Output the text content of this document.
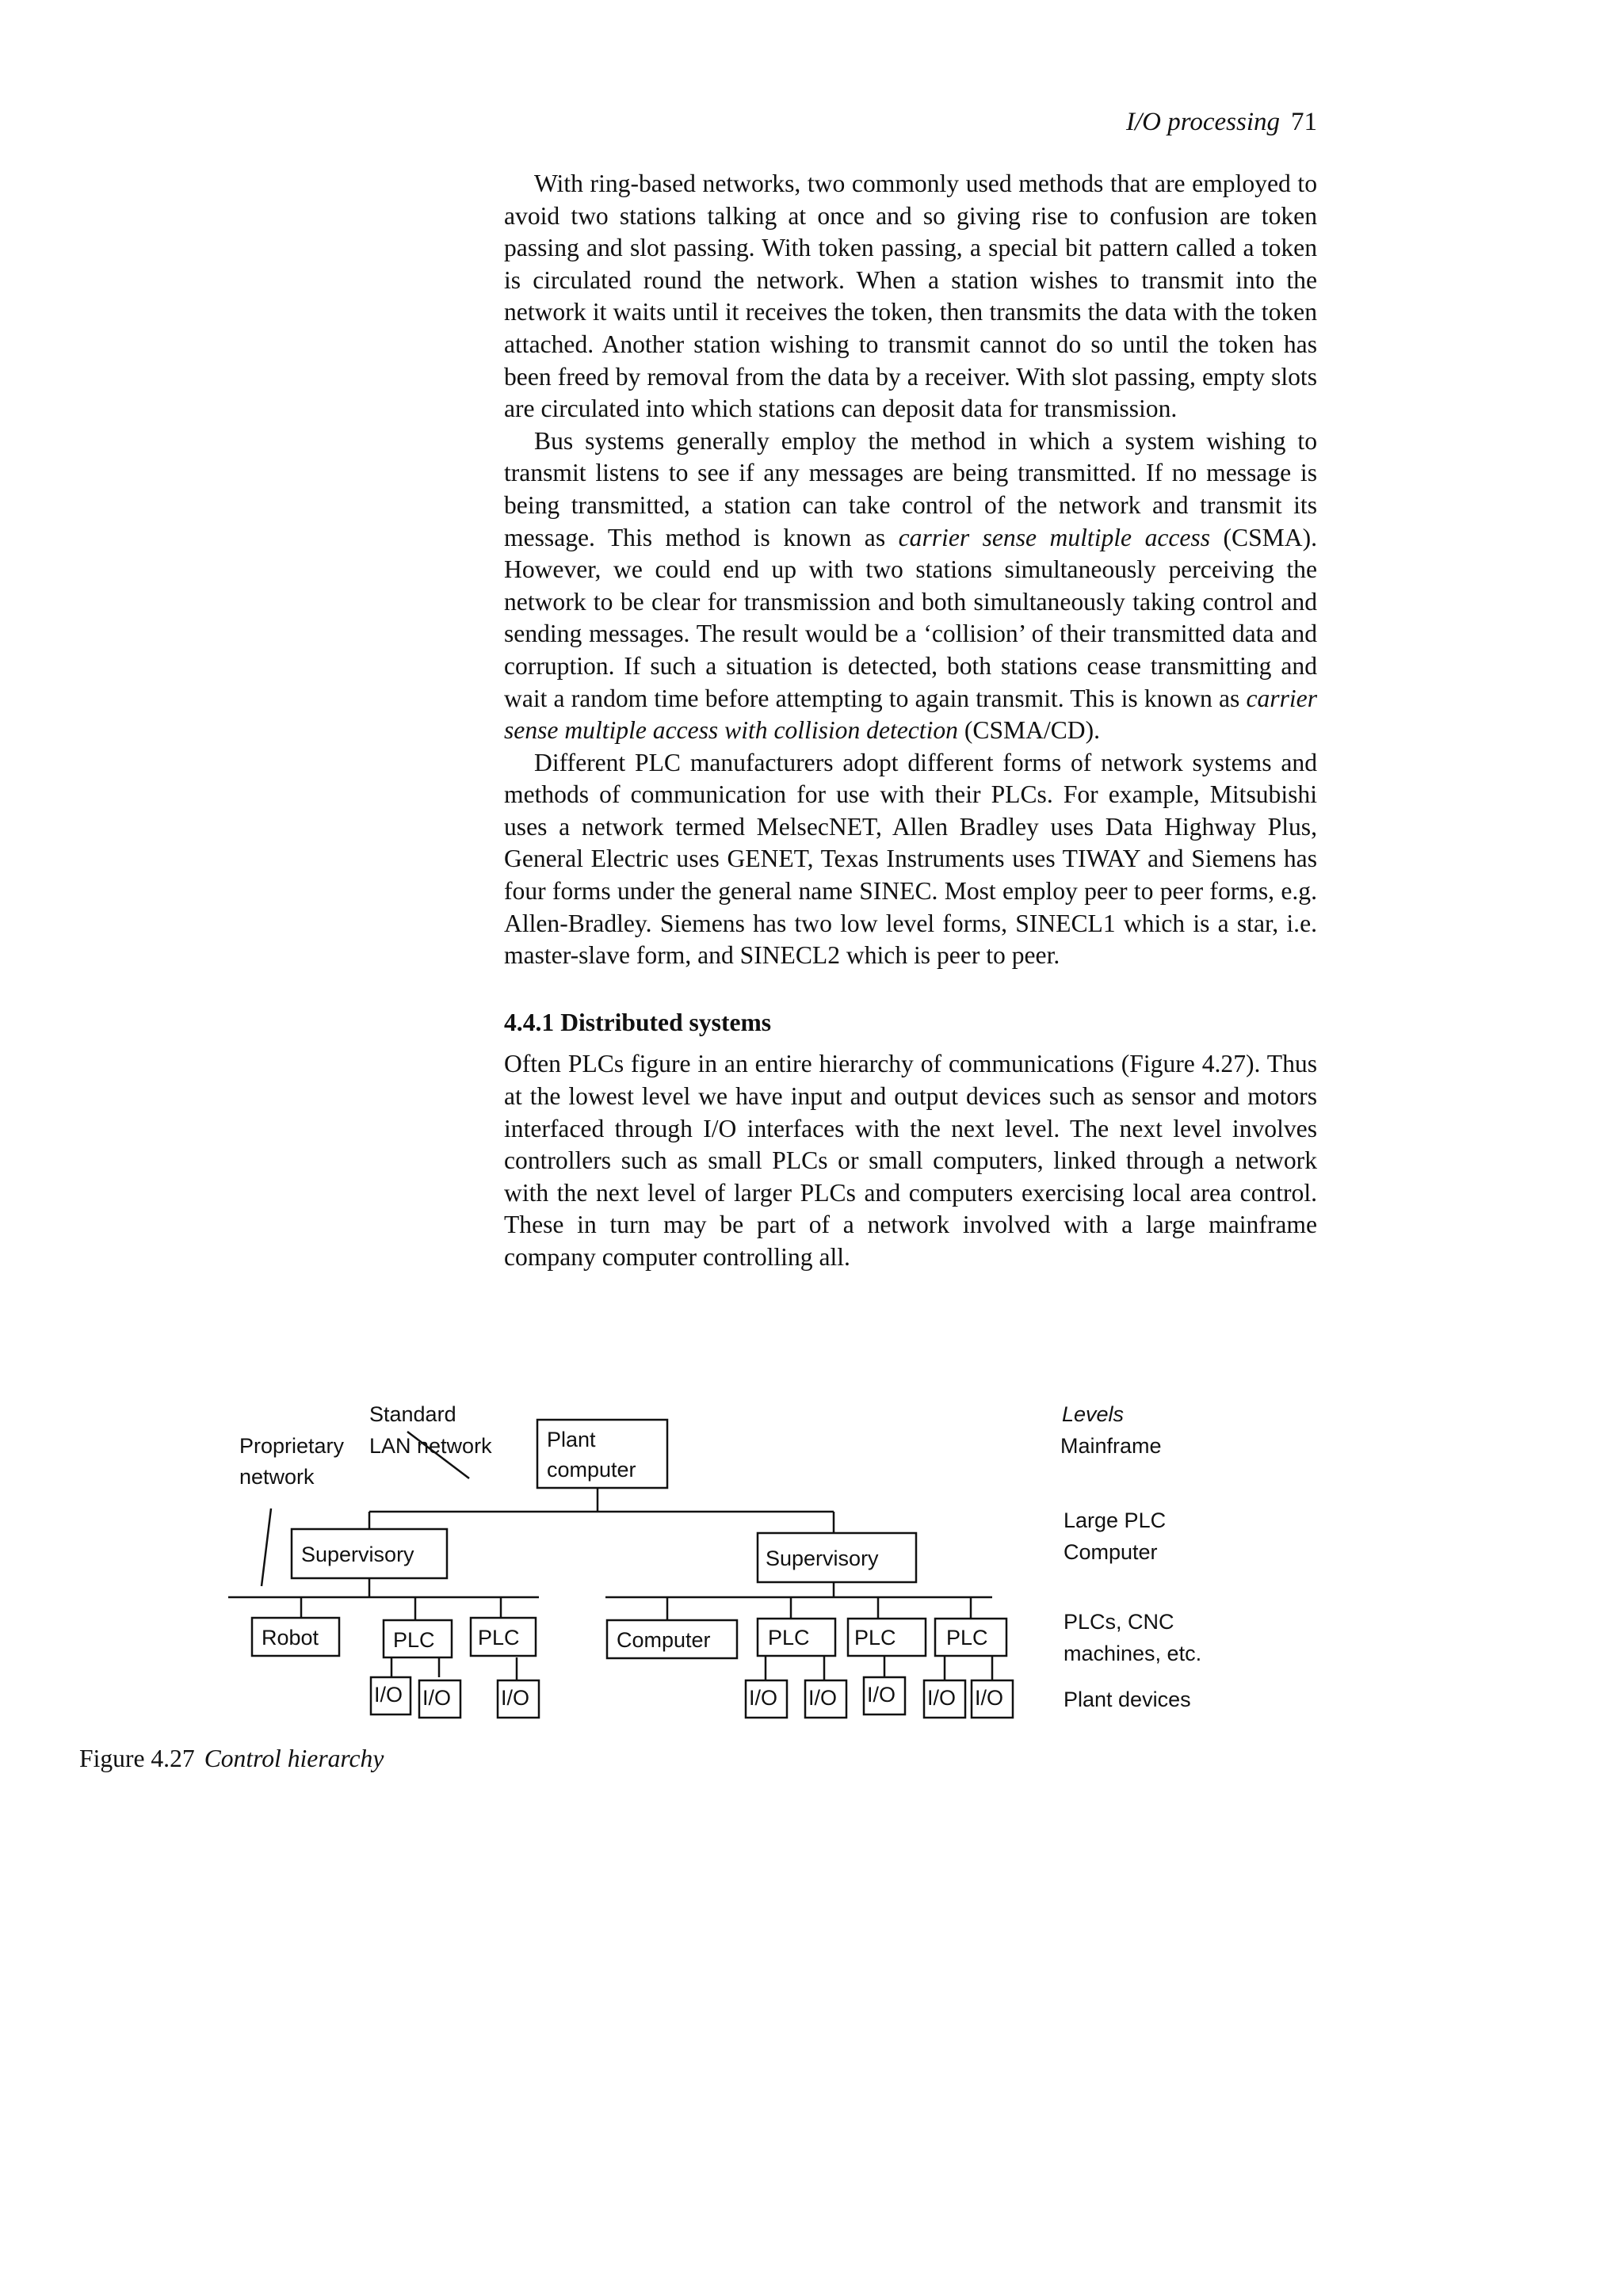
I/O processing 71

With ring-based networks, two commonly used methods that are employed to avoid two stations talking at once and so giving rise to confusion are token passing and slot passing. With token passing, a special bit pattern called a token is circulated round the network. When a station wishes to transmit into the network it waits until it receives the token, then transmits the data with the token attached. Another station wishing to transmit cannot do so until the token has been freed by removal from the data by a receiver. With slot passing, empty slots are circulated into which stations can deposit data for transmission.

Bus systems generally employ the method in which a system wishing to transmit listens to see if any messages are being transmitted. If no message is being transmitted, a station can take control of the network and transmit its message. This method is known as carrier sense multiple access (CSMA). However, we could end up with two stations simultaneously perceiving the network to be clear for transmission and both simultaneously taking control and sending messages. The result would be a ‘collision’ of their transmitted data and corruption. If such a situation is detected, both stations cease transmitting and wait a random time before attempting to again transmit. This is known as carrier sense multiple access with collision detection (CSMA/CD).

Different PLC manufacturers adopt different forms of network systems and methods of communication for use with their PLCs. For example, Mitsubishi uses a network termed MelsecNET, Allen Bradley uses Data Highway Plus, General Electric uses GENET, Texas Instruments uses TIWAY and Siemens has four forms under the general name SINEC. Most employ peer to peer forms, e.g. Allen-Bradley. Siemens has two low level forms, SINECL1 which is a star, i.e. master-slave form, and SINECL2 which is peer to peer.

4.4.1 Distributed systems

Often PLCs figure in an entire hierarchy of communications (Figure 4.27). Thus at the lowest level we have input and output devices such as sensor and motors interfaced through I/O interfaces with the next level. The next level involves controllers such as small PLCs or small computers, linked through a network with the next level of larger PLCs and computers exercising local area control. These in turn may be part of a network involved with a large mainframe company computer controlling all.

Standard
LAN network
Proprietary
network
Plant
computer
Supervisory	Supervisory
Robot	PLC PLC	Computer	PLC PLC PLC
I/O I/O I/O	I/O I/O I/O I/O I/O
Levels
Mainframe
Large PLC
Computer
PLCs, CNC
machines, etc.
Plant devices
Figure 4.27 Control hierarchy
